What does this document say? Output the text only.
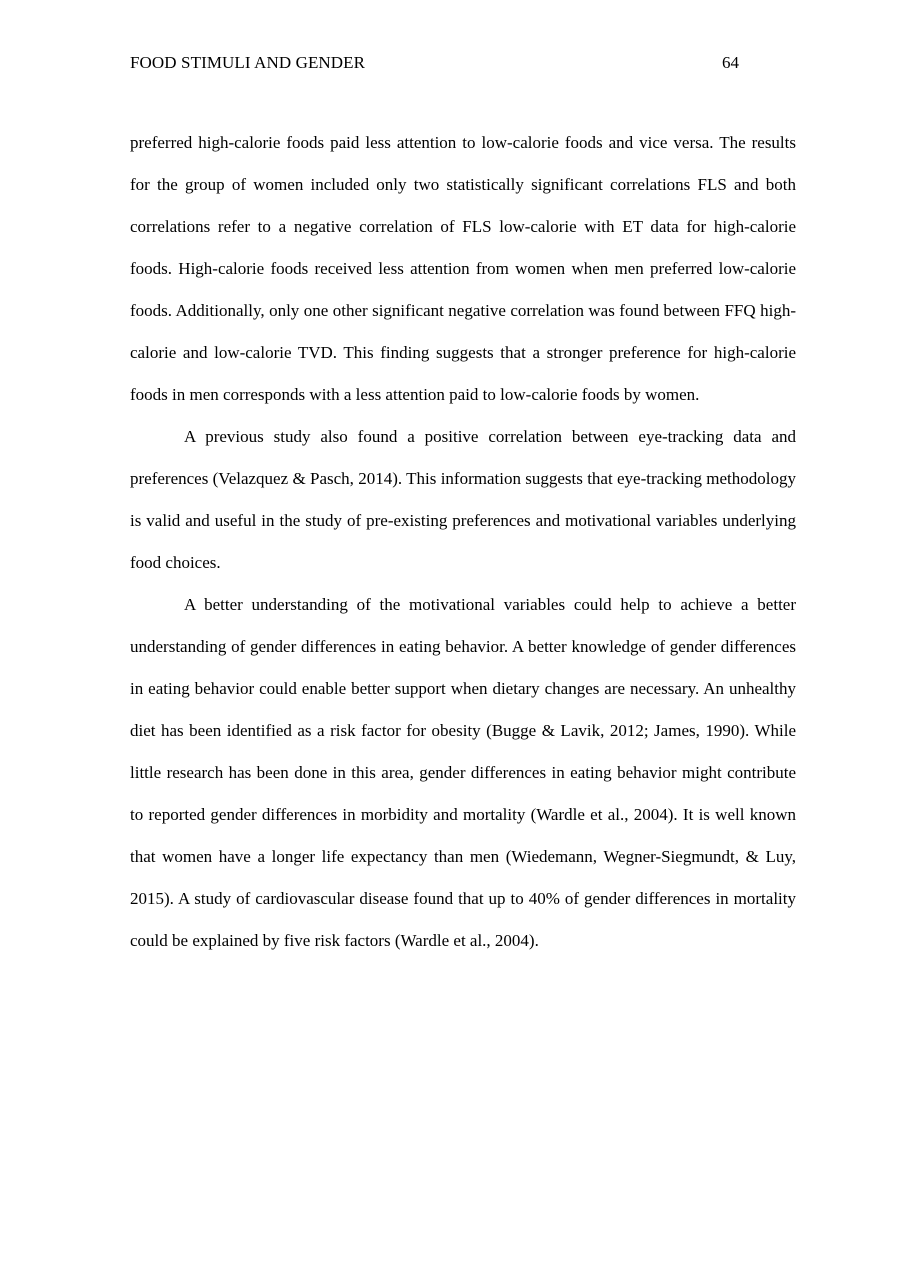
FOOD STIMULI AND GENDER	64

preferred high-calorie foods paid less attention to low-calorie foods and vice versa. The results for the group of women included only two statistically significant correlations FLS and both correlations refer to a negative correlation of FLS low-calorie with ET data for high-calorie foods. High-calorie foods received less attention from women when men preferred low-calorie foods. Additionally, only one other significant negative correlation was found between FFQ high-calorie and low-calorie TVD. This finding suggests that a stronger preference for high-calorie foods in men corresponds with a less attention paid to low-calorie foods by women.

A previous study also found a positive correlation between eye-tracking data and preferences (Velazquez & Pasch, 2014). This information suggests that eye-tracking methodology is valid and useful in the study of pre-existing preferences and motivational variables underlying food choices.

A better understanding of the motivational variables could help to achieve a better understanding of gender differences in eating behavior. A better knowledge of gender differences in eating behavior could enable better support when dietary changes are necessary. An unhealthy diet has been identified as a risk factor for obesity (Bugge & Lavik, 2012; James, 1990). While little research has been done in this area, gender differences in eating behavior might contribute to reported gender differences in morbidity and mortality (Wardle et al., 2004). It is well known that women have a longer life expectancy than men (Wiedemann, Wegner-Siegmundt, & Luy, 2015). A study of cardiovascular disease found that up to 40% of gender differences in mortality could be explained by five risk factors (Wardle et al., 2004).
